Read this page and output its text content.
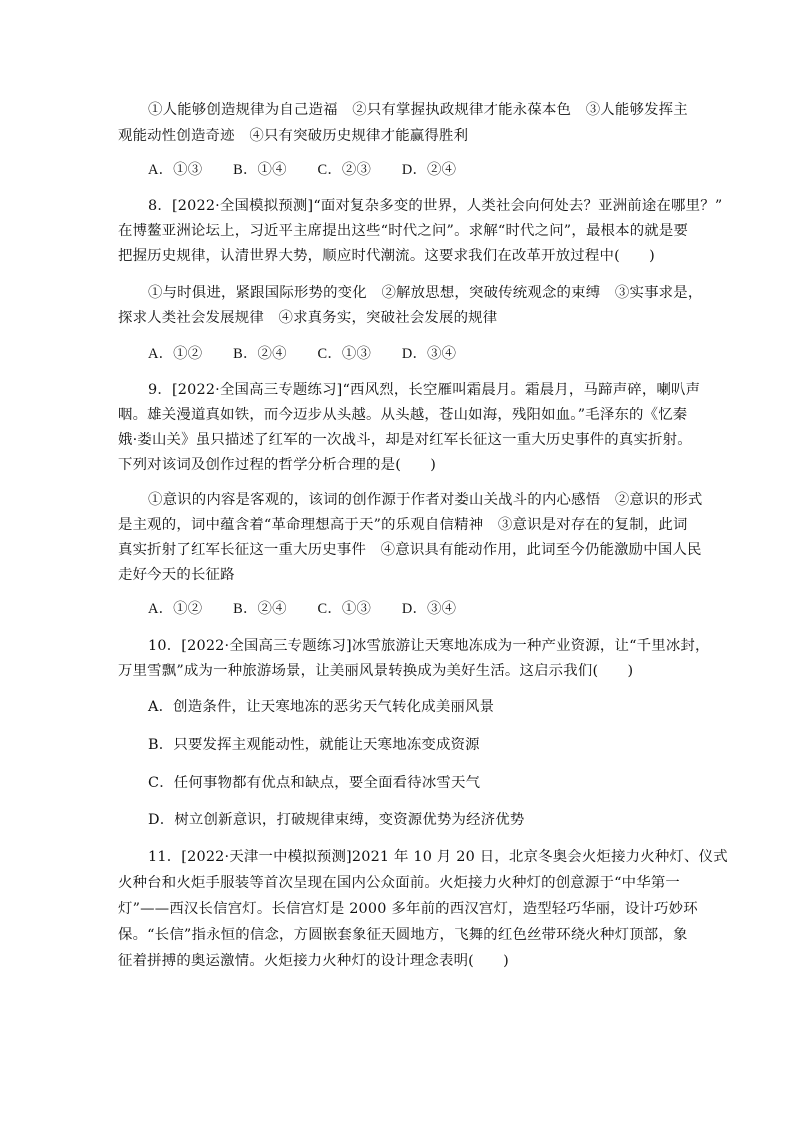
①人能够创造规律为自己造福　②只有掌握执政规律才能永葆本色　③人能够发挥主
观能动性创造奇迹　④只有突破历史规律才能赢得胜利
A．①③ B．①④ C．②③ D．②④
8．[2022·全国模拟预测]“面对复杂多变的世界，人类社会向何处去？亚洲前途在哪里？”
在博鳌亚洲论坛上，习近平主席提出这些“时代之问”。求解“时代之问”，最根本的就是要
把握历史规律，认清世界大势，顺应时代潮流。这要求我们在改革开放过程中(　　)
①与时俱进，紧跟国际形势的变化　②解放思想，突破传统观念的束缚　③实事求是，
探求人类社会发展规律　④求真务实，突破社会发展的规律
A．①② B．②④ C．①③ D．③④
9．[2022·全国高三专题练习]“西风烈，长空雁叫霜晨月。霜晨月，马蹄声碎，喇叭声
咽。雄关漫道真如铁，而今迈步从头越。从头越，苍山如海，残阳如血。”毛泽东的《忆秦
娥·娄山关》虽只描述了红军的一次战斗，却是对红军长征这一重大历史事件的真实折射。
下列对该词及创作过程的哲学分析合理的是(　　)
①意识的内容是客观的，该词的创作源于作者对娄山关战斗的内心感悟　②意识的形式
是主观的，词中蕴含着“革命理想高于天”的乐观自信精神　③意识是对存在的复制，此词
真实折射了红军长征这一重大历史事件　④意识具有能动作用，此词至今仍能激励中国人民
走好今天的长征路
A．①② B．②④ C．①③ D．③④
10．[2022·全国高三专题练习]冰雪旅游让天寒地冻成为一种产业资源，让“千里冰封，
万里雪飘”成为一种旅游场景，让美丽风景转换成为美好生活。这启示我们(　　)
A．创造条件，让天寒地冻的恶劣天气转化成美丽风景
B．只要发挥主观能动性，就能让天寒地冻变成资源
C．任何事物都有优点和缺点，要全面看待冰雪天气
D．树立创新意识，打破规律束缚，变资源优势为经济优势
11．[2022·天津一中模拟预测]2021 年 10 月 20 日，北京冬奥会火炬接力火种灯、仪式
火种台和火炬手服装等首次呈现在国内公众面前。火炬接力火种灯的创意源于“中华第一
灯”——西汉长信宫灯。长信宫灯是 2000 多年前的西汉宫灯，造型轻巧华丽，设计巧妙环
保。“长信”指永恒的信念，方圆嵌套象征天圆地方，飞舞的红色丝带环绕火种灯顶部，象
征着拼搏的奥运激情。火炬接力火种灯的设计理念表明(　　)
